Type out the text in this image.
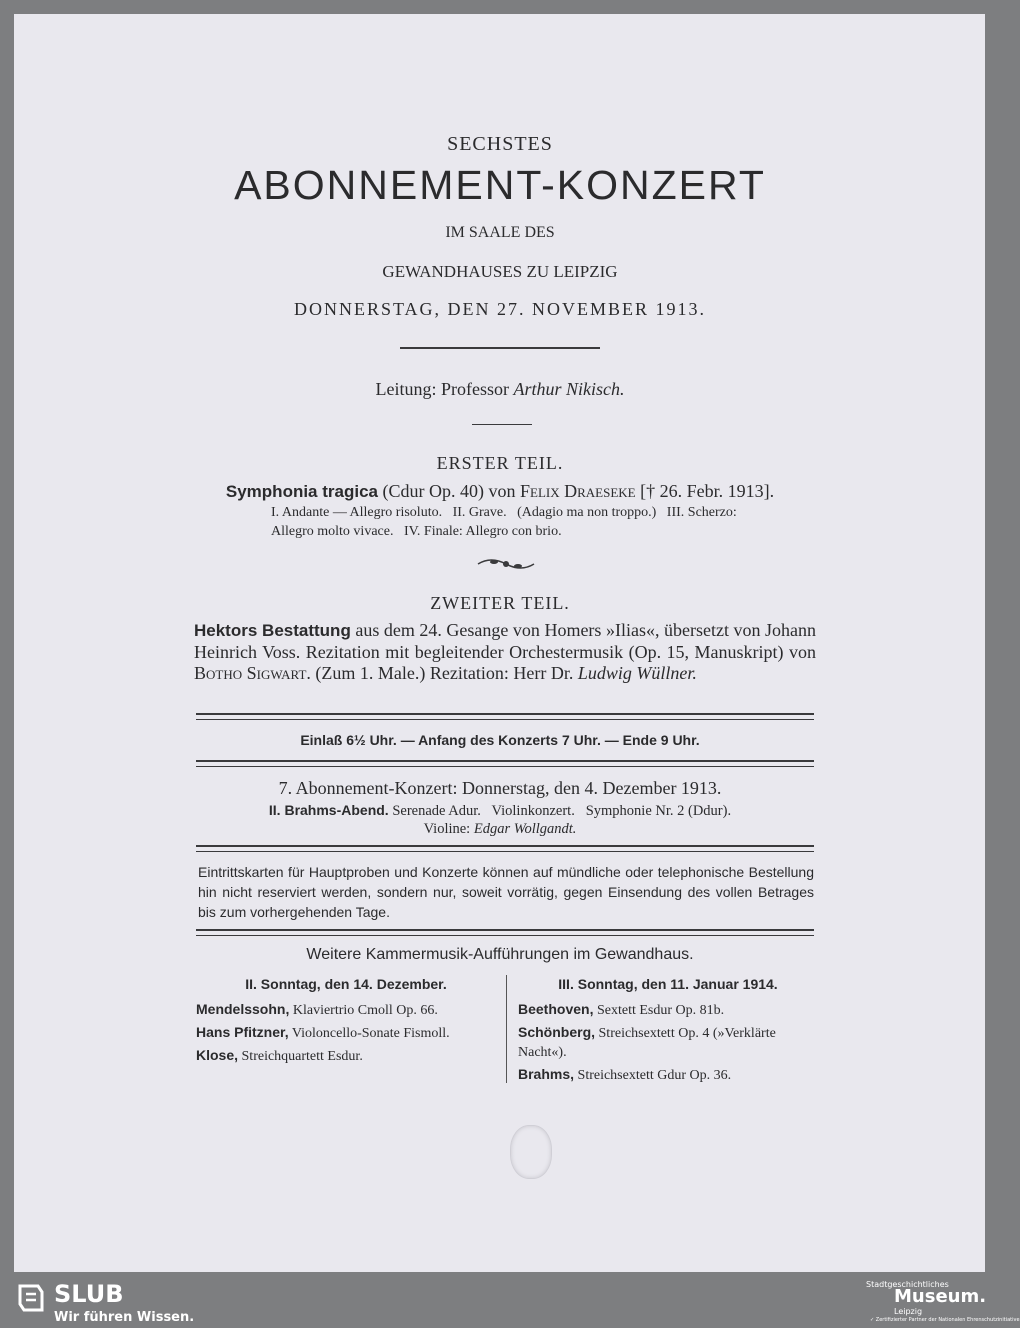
SECHSTES
ABONNEMENT-KONZERT
IM SAALE DES
GEWANDHAUSES ZU LEIPZIG
DONNERSTAG, DEN 27. NOVEMBER 1913.
Leitung: Professor Arthur Nikisch.
ERSTER TEIL.
Symphonia tragica (Cdur Op. 40) von Felix Draeseke [† 26. Febr. 1913].
I. Andante — Allegro risoluto.   II. Grave.   (Adagio ma non troppo.)   III. Scherzo:
Allegro molto vivace.   IV. Finale: Allegro con brio.
ZWEITER TEIL.
Hektors Bestattung aus dem 24. Gesange von Homers »Ilias«, übersetzt von Johann Heinrich Voss. Rezitation mit begleitender Orchestermusik (Op. 15, Manuskript) von Botho Sigwart. (Zum 1. Male.) Rezitation: Herr Dr. Ludwig Wüllner.
Einlaß 6½ Uhr. — Anfang des Konzerts 7 Uhr. — Ende 9 Uhr.
7. Abonnement-Konzert: Donnerstag, den 4. Dezember 1913.
II. Brahms-Abend. Serenade Adur.   Violinkonzert.   Symphonie Nr. 2 (Ddur).
Violine: Edgar Wollgandt.
Eintrittskarten für Hauptproben und Konzerte können auf mündliche oder telephonische Bestellung hin nicht reserviert werden, sondern nur, soweit vorrätig, gegen Einsendung des vollen Betrages bis zum vorhergehenden Tage.
Weitere Kammermusik-Aufführungen im Gewandhaus.
II. Sonntag, den 14. Dezember.
Mendelssohn, Klaviertrio Cmoll Op. 66.
Hans Pfitzner, Violoncello-Sonate Fismoll.
Klose, Streichquartett Esdur.
III. Sonntag, den 11. Januar 1914.
Beethoven, Sextett Esdur Op. 81b.
Schönberg, Streichsextett Op. 4 (»Verklärte Nacht«).
Brahms, Streichsextett Gdur Op. 36.
SLUB
Wir führen Wissen.
Stadtgeschichtliches
Museum.
Leipzig
✓ Zertifizierter Partner der Nationalen Ehrenschutzinitiative
